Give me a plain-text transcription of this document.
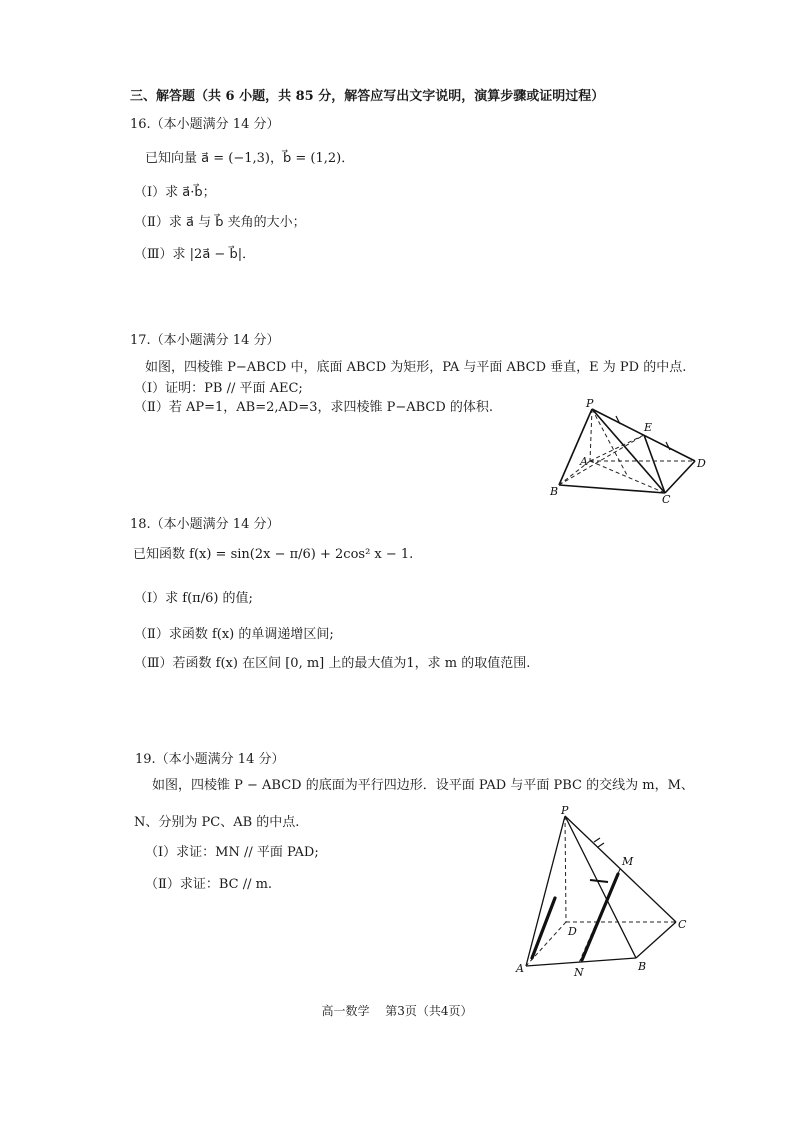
三、解答题（共 6 小题，共 85 分，解答应写出文字说明，演算步骤或证明过程）
16.（本小题满分 14 分）
已知向量 a⃗ = (−1,3)，b⃗ = (1,2)．
（Ⅰ）求 a⃗·b⃗；
（Ⅱ）求 a⃗ 与 b⃗ 夹角的大小；
（Ⅲ）求 |2a⃗ − b⃗|．
17.（本小题满分 14 分）
如图，四棱锥 P−ABCD 中，底面 ABCD 为矩形，PA 与平面 ABCD 垂直，E 为 PD 的中点.
（Ⅰ）证明：PB // 平面 AEC;
（Ⅱ）若 AP=1，AB=2,AD=3，求四棱锥 P−ABCD 的体积.	P
E
A	D
B
C
18.（本小题满分 14 分）
已知函数 f(x) = sin(2x − π/6) + 2cos² x − 1.
（Ⅰ）求 f(π/6) 的值;
（Ⅱ）求函数 f(x) 的单调递增区间;
（Ⅲ）若函数 f(x) 在区间 [0, m] 上的最大值为1，求 m 的取值范围.
19.（本小题满分 14 分）
如图，四棱锥 P − ABCD 的底面为平行四边形．设平面 PAD 与平面 PBC 的交线为 m，M、
N、分别为 PC、AB 的中点.
（Ⅰ）求证：MN // 平面 PAD;
（Ⅱ）求证：BC // m.
P
M
D
C
A	N	B
高一数学 第3页（共4页）
